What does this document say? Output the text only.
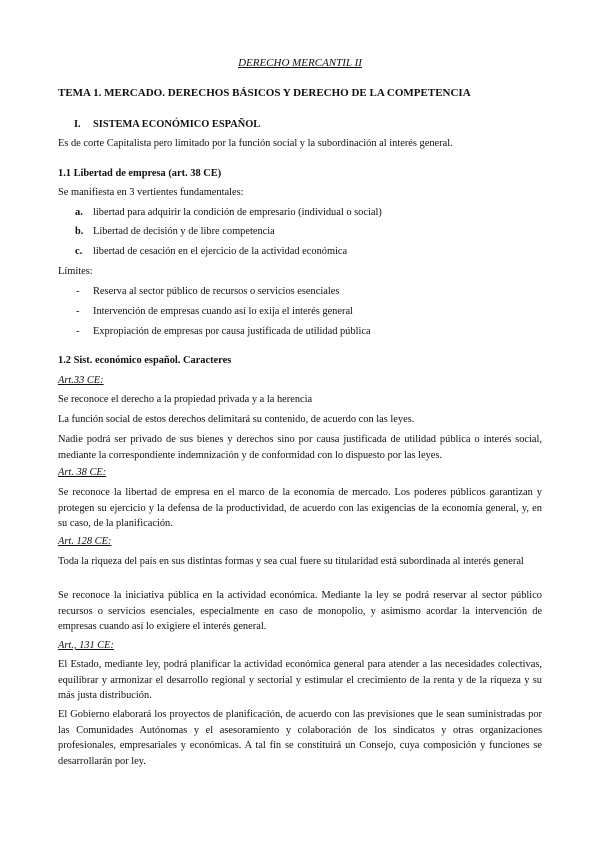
DERECHO MERCANTIL II
TEMA 1. MERCADO. DERECHOS BÁSICOS Y DERECHO DE LA COMPETENCIA
I. SISTEMA ECONÓMICO ESPAÑOL
Es de corte Capitalista pero limitado por la función social y la subordinación al interés general.
1.1 Libertad de empresa (art. 38 CE)
Se manifiesta en 3 vertientes fundamentales:
a. libertad para adquirir la condición de empresario (individual o social)
b. Libertad de decisión y de libre competencia
c. libertad de cesación en el ejercicio de la actividad económica
Límites:
- Reserva al sector público de recursos o servicios esenciales
- Intervención de empresas cuando así lo exija el interés general
- Expropiación de empresas por causa justificada de utilidad pública
1.2 Sist. económico español. Caracteres
Art.33 CE:
Se reconoce el derecho a la propiedad privada y a la herencia
La función social de estos derechos delimitará su contenido, de acuerdo con las leyes.
Nadie podrá ser privado de sus bienes y derechos sino por causa justificada de utilidad pública o interés social, mediante la correspondiente indemnización y de conformidad con lo dispuesto por las leyes.
Art. 38 CE:
Se reconoce la libertad de empresa en el marco de la economía de mercado. Los poderes públicos garantizan y protegen su ejercicio y la defensa de la productividad, de acuerdo con las exigencias de la economía general, y, en su caso, de la planificación.
Art. 128 CE:
Toda la riqueza del país en sus distintas formas y sea cual fuere su titularidad está subordinada al interés general
Se reconoce la iniciativa pública en la actividad económica. Mediante la ley se podrá reservar al sector público recursos o servicios esenciales, especialmente en caso de monopolio, y asimismo acordar la intervención de empresas cuando así lo exigiere el interés general.
Art., 131 CE:
El Estado, mediante ley, podrá planificar la actividad económica general para atender a las necesidades colectivas, equilibrar y armonizar el desarrollo regional y sectorial y estimular el crecimiento de la renta y de la riqueza y su más justa distribución.
El Gobierno elaborará los proyectos de planificación, de acuerdo con las previsiones que le sean suministradas por las Comunidades Autónomas y el asesoramiento y colaboración de los sindicatos y otras organizaciones profesionales, empresariales y económicas. A tal fin se constituirá un Consejo, cuya composición y funciones se desarrollarán por ley.
